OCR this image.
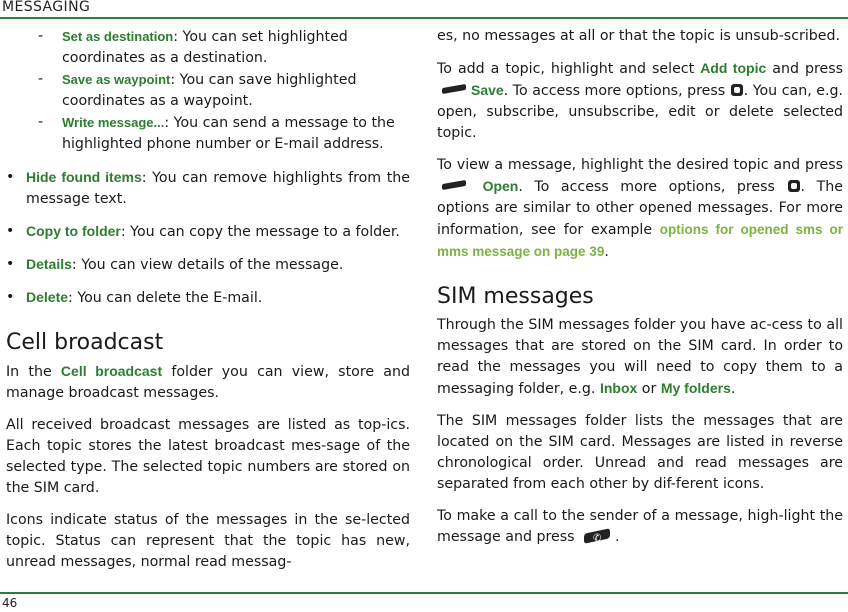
MESSAGING
- Set as destination: You can set highlighted coordinates as a destination.
- Save as waypoint: You can save highlighted coordinates as a waypoint.
- Write message...: You can send a message to the highlighted phone number or E-mail address.
• Hide found items: You can remove highlights from the message text.
• Copy to folder: You can copy the message to a folder.
• Details: You can view details of the message.
• Delete: You can delete the E-mail.
Cell broadcast

In the Cell broadcast folder you can view, store and manage broadcast messages.

All received broadcast messages are listed as top-ics. Each topic stores the latest broadcast mes-sage of the selected type. The selected topic numbers are stored on the SIM card.

Icons indicate status of the messages in the se-lected topic. Status can represent that the topic has new, unread messages, normal read messag-

es, no messages at all or that the topic is unsub-scribed.

To add a topic, highlight and select Add topic and press Save. To access more options, press . You can, e.g. open, subscribe, unsubscribe, edit or delete selected topic.

To view a message, highlight the desired topic and press  Open. To access more options, press . The options are similar to other opened messages. For more information, see for example options for opened sms or mms message on page 39.

SIM messages

Through the SIM messages folder you have ac-cess to all messages that are stored on the SIM card. In order to read the messages you will need to copy them to a messaging folder, e.g. Inbox or My folders.

The SIM messages folder lists the messages that are located on the SIM card. Messages are listed in reverse chronological order. Unread and read messages are separated from each other by dif-ferent icons.

To make a call to the sender of a message, high-light the message and press ✆	.

46
